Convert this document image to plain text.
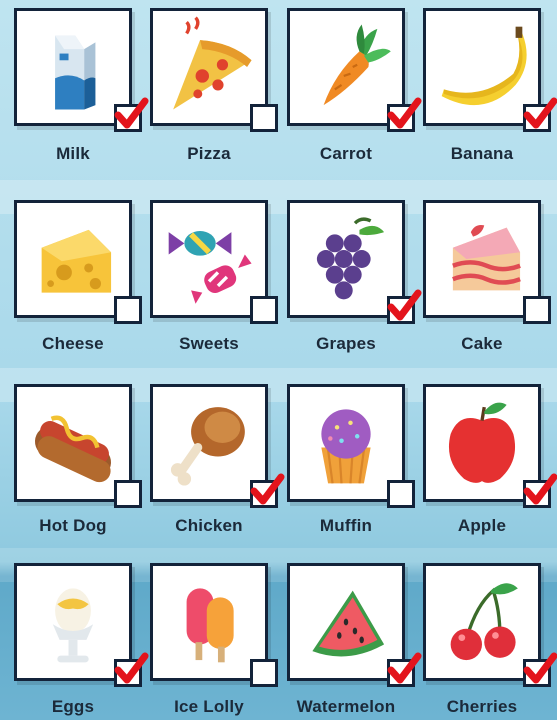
Milk	Pizza	Carrot	Banana
Cheese	Sweets	Grapes	Cake
Hot Dog	Chicken	Muffin	Apple
Eggs	Ice Lolly	Watermelon	Cherries
